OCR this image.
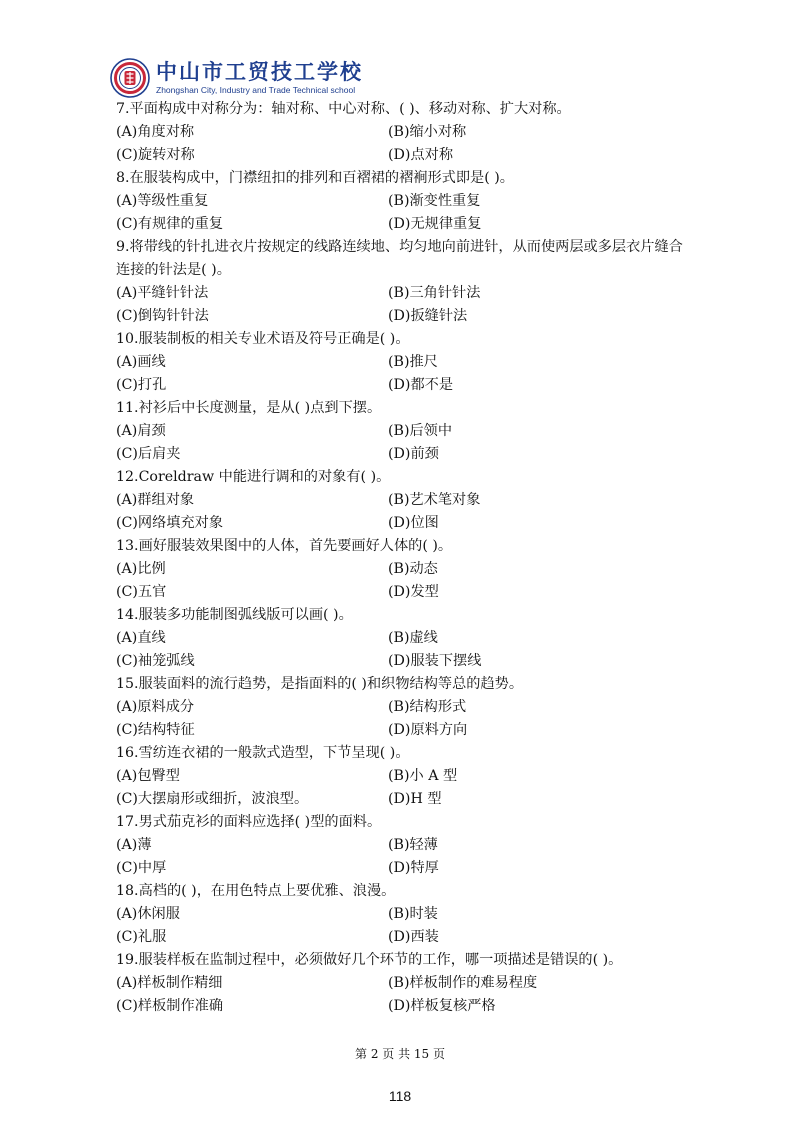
中山市工贸技工学校
Zhongshan City, Industry and Trade Technical school
7.平面构成中对称分为：轴对称、中心对称、( )、移动对称、扩大对称。
(A)角度对称	(B)缩小对称
(C)旋转对称	(D)点对称
8.在服装构成中，门襟纽扣的排列和百褶裙的褶裥形式即是( )。
(A)等级性重复	(B)渐变性重复
(C)有规律的重复	(D)无规律重复
9.将带线的针扎进衣片按规定的线路连续地、均匀地向前进针，从而使两层或多层衣片缝合连接的针法是( )。
(A)平缝针针法	(B)三角针针法
(C)倒钩针针法	(D)扳缝针法
10.服装制板的相关专业术语及符号正确是( )。
(A)画线	(B)推尺
(C)打孔	(D)都不是
11.衬衫后中长度测量，是从( )点到下摆。
(A)肩颈	(B)后领中
(C)后肩夹	(D)前颈
12.Coreldraw 中能进行调和的对象有( )。
(A)群组对象	(B)艺术笔对象
(C)网络填充对象	(D)位图
13.画好服装效果图中的人体，首先要画好人体的( )。
(A)比例	(B)动态
(C)五官	(D)发型
14.服装多功能制图弧线版可以画( )。
(A)直线	(B)虚线
(C)袖笼弧线	(D)服装下摆线
15.服装面料的流行趋势，是指面料的( )和织物结构等总的趋势。
(A)原料成分	(B)结构形式
(C)结构特征	(D)原料方向
16.雪纺连衣裙的一般款式造型，下节呈现( )。
(A)包臀型	(B)小 A 型
(C)大摆扇形或细折，波浪型。	(D)H 型
17.男式茄克衫的面料应选择( )型的面料。
(A)薄	(B)轻薄
(C)中厚	(D)特厚
18.高档的( )，在用色特点上要优雅、浪漫。
(A)休闲服	(B)时装
(C)礼服	(D)西装
19.服装样板在监制过程中，必须做好几个环节的工作，哪一项描述是错误的( )。
(A)样板制作精细	(B)样板制作的难易程度
(C)样板制作准确	(D)样板复核严格
第 2 页 共 15 页
118
